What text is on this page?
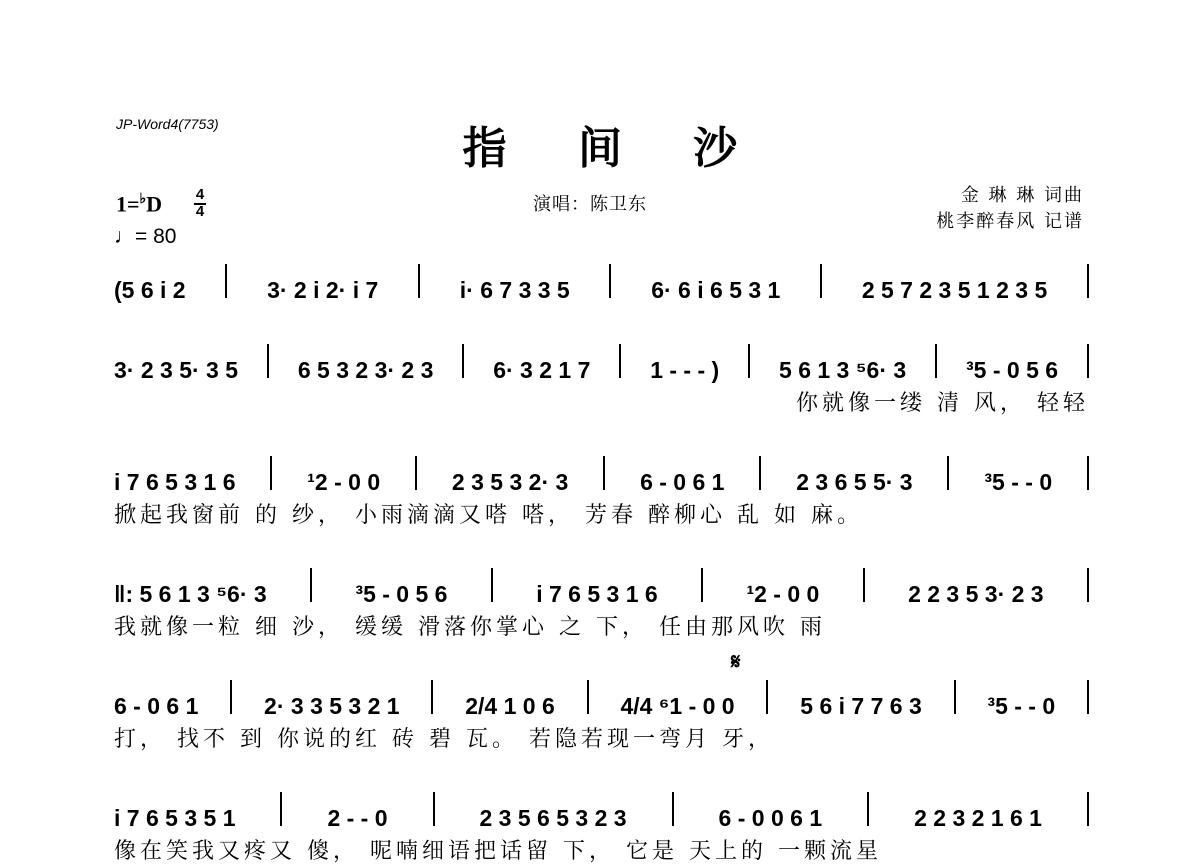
JP-Word4(7753)	指 间 沙
1=♭D 4
4
♩= 80
演唱：陈卫东	金 琳 琳 词曲
桃李醉春风 记谱
(5 6 i 2	3· 2 i 2· i 7	i· 6 7 3 3 5	6· 6 i 6 5 3 1	2 5 7 2 3 5 1 2 3 5
3· 2 3 5· 3 5	6 5 3 2 3· 2 3	6· 3 2 1 7	1 - - - )	5 6 1 3 ⁵6· 3	³5 - 0 5 6
你就像一缕 清 风， 轻轻
i 7 6 5 3 1 6	¹2 - 0 0	2 3 5 3 2· 3	6 - 0 6 1	2 3 6 5 5· 3	³5 - - 0
掀起我窗前 的 纱， 小雨滴滴又嗒 嗒， 芳春 醉柳心 乱 如 麻。
‖: 5 6 1 3 ⁵6· 3	³5 - 0 5 6	i 7 6 5 3 1 6	¹2 - 0 0	2 2 3 5 3· 2 3
我就像一粒 细 沙， 缓缓 滑落你掌心 之 下， 任由那风吹 雨
𝄋
6 - 0 6 1	2· 3 3 5 3 2 1	2/4 1 0 6	4/4 ⁶1 - 0 0	5 6 i 7 7 6 3	³5 - - 0
打， 找不 到 你说的红 砖 碧 瓦。 若隐若现一弯月 牙，
i 7 6 5 3 5 1	2 - - 0	2 3 5 6 5 3 2 3	6 - 0 0 6 1	2 2 3 2 1 6 1
像在笑我又疼又 傻， 呢喃细语把话留 下， 它是 天上的 一颗流星
